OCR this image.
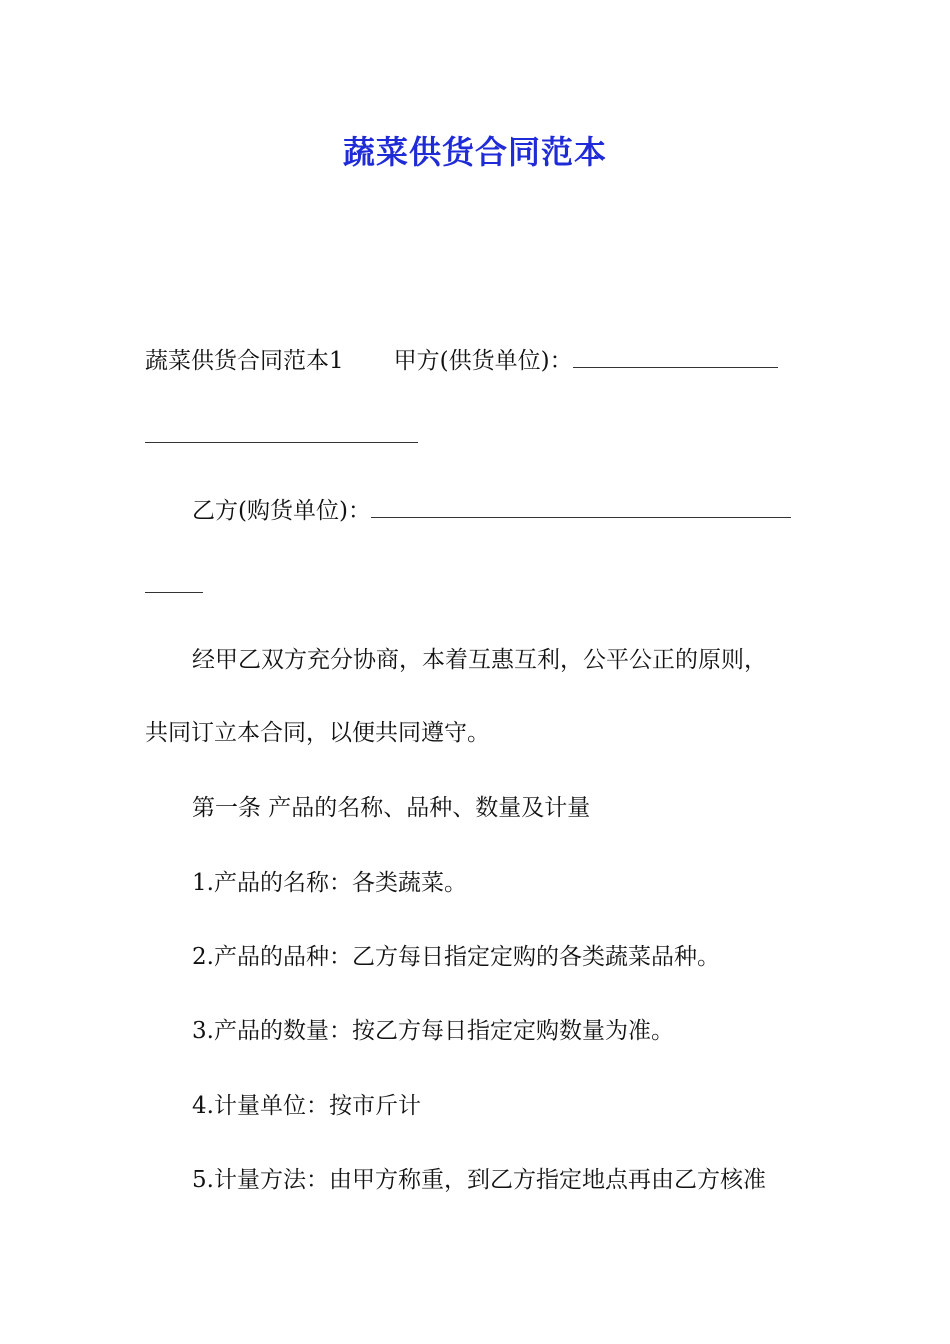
蔬菜供货合同范本
蔬菜供货合同范本1 甲方(供货单位)：
乙方(购货单位)：
经甲乙双方充分协商，本着互惠互利，公平公正的原则，
共同订立本合同，以便共同遵守。
第一条 产品的名称、品种、数量及计量
1.产品的名称：各类蔬菜。
2.产品的品种：乙方每日指定定购的各类蔬菜品种。
3.产品的数量：按乙方每日指定定购数量为准。
4.计量单位：按市斤计
5.计量方法：由甲方称重，到乙方指定地点再由乙方核准
